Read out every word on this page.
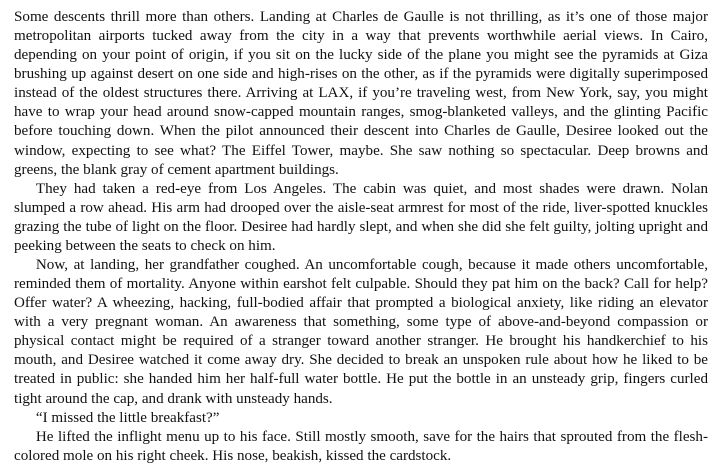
Some descents thrill more than others. Landing at Charles de Gaulle is not thrilling, as it’s one of those major metropolitan airports tucked away from the city in a way that prevents worthwhile aerial views. In Cairo, depending on your point of origin, if you sit on the lucky side of the plane you might see the pyramids at Giza brushing up against desert on one side and high-rises on the other, as if the pyramids were digitally superimposed instead of the oldest structures there. Arriving at LAX, if you’re traveling west, from New York, say, you might have to wrap your head around snow-capped mountain ranges, smog-blanketed valleys, and the glinting Pacific before touching down. When the pilot announced their descent into Charles de Gaulle, Desiree looked out the window, expecting to see what? The Eiffel Tower, maybe. She saw nothing so spectacular. Deep browns and greens, the blank gray of cement apartment buildings.

They had taken a red-eye from Los Angeles. The cabin was quiet, and most shades were drawn. Nolan slumped a row ahead. His arm had drooped over the aisle-seat armrest for most of the ride, liver-spotted knuckles grazing the tube of light on the floor. Desiree had hardly slept, and when she did she felt guilty, jolting upright and peeking between the seats to check on him.

Now, at landing, her grandfather coughed. An uncomfortable cough, because it made others uncomfortable, reminded them of mortality. Anyone within earshot felt culpable. Should they pat him on the back? Call for help? Offer water? A wheezing, hacking, full-bodied affair that prompted a biological anxiety, like riding an elevator with a very pregnant woman. An awareness that something, some type of above-and-beyond compassion or physical contact might be required of a stranger toward another stranger. He brought his handkerchief to his mouth, and Desiree watched it come away dry. She decided to break an unspoken rule about how he liked to be treated in public: she handed him her half-full water bottle. He put the bottle in an unsteady grip, fingers curled tight around the cap, and drank with unsteady hands.

“I missed the little breakfast?”

He lifted the inflight menu up to his face. Still mostly smooth, save for the hairs that sprouted from the flesh-colored mole on his right cheek. His nose, beakish, kissed the cardstock.
